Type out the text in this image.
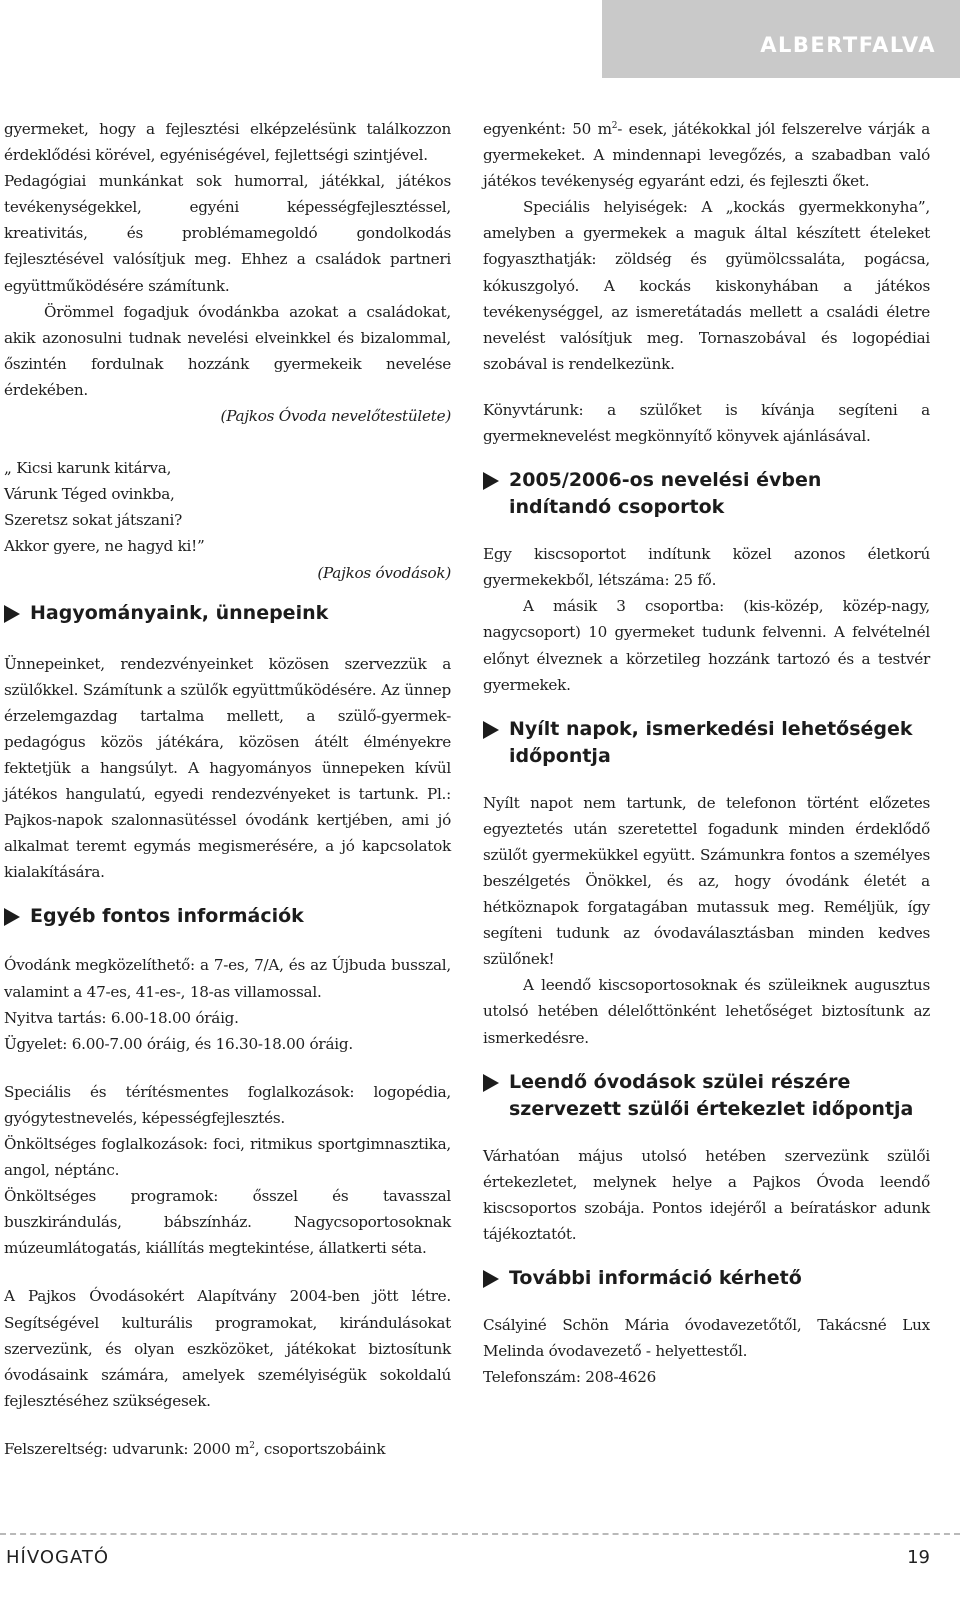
ALBERTFALVA

gyermeket, hogy a fejlesztési elképzelésünk találkozzon érdeklődési körével, egyéniségével, fejlettségi szintjével.

Pedagógiai munkánkat sok humorral, játékkal, játékos tevékenységekkel, egyéni képességfejlesztéssel, kreativitás, és problémamegoldó gondolkodás fejlesztésével valósítjuk meg. Ehhez a családok partneri együttműködésére számítunk.

Örömmel fogadjuk óvodánkba azokat a családokat, akik azonosulni tudnak nevelési elveinkkel és bizalommal, őszintén fordulnak hozzánk gyermekeik nevelése érdekében.

(Pajkos Óvoda nevelőtestülete)

„ Kicsi karunk kitárva,

Várunk Téged ovinkba,

Szeretsz sokat játszani?

Akkor gyere, ne hagyd ki!”

(Pajkos óvodások)

Hagyományaink, ünnepeink

Ünnepeinket, rendezvényeinket közösen szervezzük a szülőkkel. Számítunk a szülők együttműködésére. Az ünnep érzelemgazdag tartalma mellett, a szülő-gyermek- pedagógus közös játékára, közösen átélt élményekre fektetjük a hangsúlyt. A hagyományos ünnepeken kívül játékos hangulatú, egyedi rendezvényeket is tartunk. Pl.: Pajkos-napok szalonnasütéssel óvodánk kertjében, ami jó alkalmat teremt egymás megismerésére, a jó kapcsolatok kialakítására.

Egyéb fontos információk

Óvodánk megközelíthető: a 7-es, 7/A, és az Újbuda busszal, valamint a 47-es, 41-es-, 18-as villamossal.

Nyitva tartás: 6.00-18.00 óráig.

Ügyelet: 6.00-7.00 óráig, és 16.30-18.00 óráig.

Speciális és térítésmentes foglalkozások: logopédia, gyógytestnevelés, képességfejlesztés.

Önköltséges foglalkozások: foci, ritmikus sportgimnasztika, angol, néptánc.

Önköltséges programok: ősszel és tavasszal buszkirándulás, bábszínház. Nagycsoportosoknak múzeumlátogatás, kiállítás megtekintése, állatkerti séta.

A Pajkos Óvodásokért Alapítvány 2004-ben jött létre. Segítségével kulturális programokat, kirándulásokat szervezünk, és olyan eszközöket, játékokat biztosítunk óvodásaink számára, amelyek személyiségük sokoldalú fejlesztéséhez szükségesek.

Felszereltség: udvarunk: 2000 $m^2$, csoportszobáink

egyenként: 50 $m^2-$ esek, játékokkal jól felszerelve várják a gyermekeket. A mindennapi levegőzés, a szabadban való játékos tevékenység egyaránt edzi, és fejleszti őket.

Speciális helyiségek: A „kockás gyermekkonyha”, amelyben a gyermekek a maguk által készített ételeket fogyaszthatják: zöldség és gyümölcssaláta, pogácsa, kókuszgolyó. A kockás kiskonyhában a játékos tevékenységgel, az ismeretátadás mellett a családi életre nevelést valósítjuk meg. Tornaszobával és logopédiai szobával is rendelkezünk.

Könyvtárunk: a szülőket is kívánja segíteni a gyermeknevelést megkönnyítő könyvek ajánlásával.

2005/2006-os nevelési évben indítandó csoportok

Egy kiscsoportot indítunk közel azonos életkorú gyermekekből, létszáma: 25 fő.

A másik 3 csoportba: (kis-közép, közép-nagy, nagycsoport) 10 gyermeket tudunk felvenni. A felvételnél előnyt élveznek a körzetileg hozzánk tartozó és a testvér gyermekek.

Nyílt napok, ismerkedési lehetőségek időpontja

Nyílt napot nem tartunk, de telefonon történt előzetes egyeztetés után szeretettel fogadunk minden érdeklődő szülőt gyermekükkel együtt. Számunkra fontos a személyes beszélgetés Önökkel, és az, hogy óvodánk életét a hétköznapok forgatagában mutassuk meg. Reméljük, így segíteni tudunk az óvodaválasztásban minden kedves szülőnek!

A leendő kiscsoportosoknak és szüleiknek augusztus utolsó hetében délelőttönként lehetőséget biztosítunk az ismerkedésre.

Leendő óvodások szülei részére szervezett szülői értekezlet időpontja

Várhatóan május utolsó hetében szervezünk szülői értekezletet, melynek helye a Pajkos Óvoda leendő kiscsoportos szobája. Pontos idejéről a beíratáskor adunk tájékoztatót.

További információ kérhető

Csályiné Schön Mária óvodavezetőtől, Takácsné Lux Melinda óvodavezető - helyettestől.

Telefonszám: 208-4626

HÍVOGATÓ	19
